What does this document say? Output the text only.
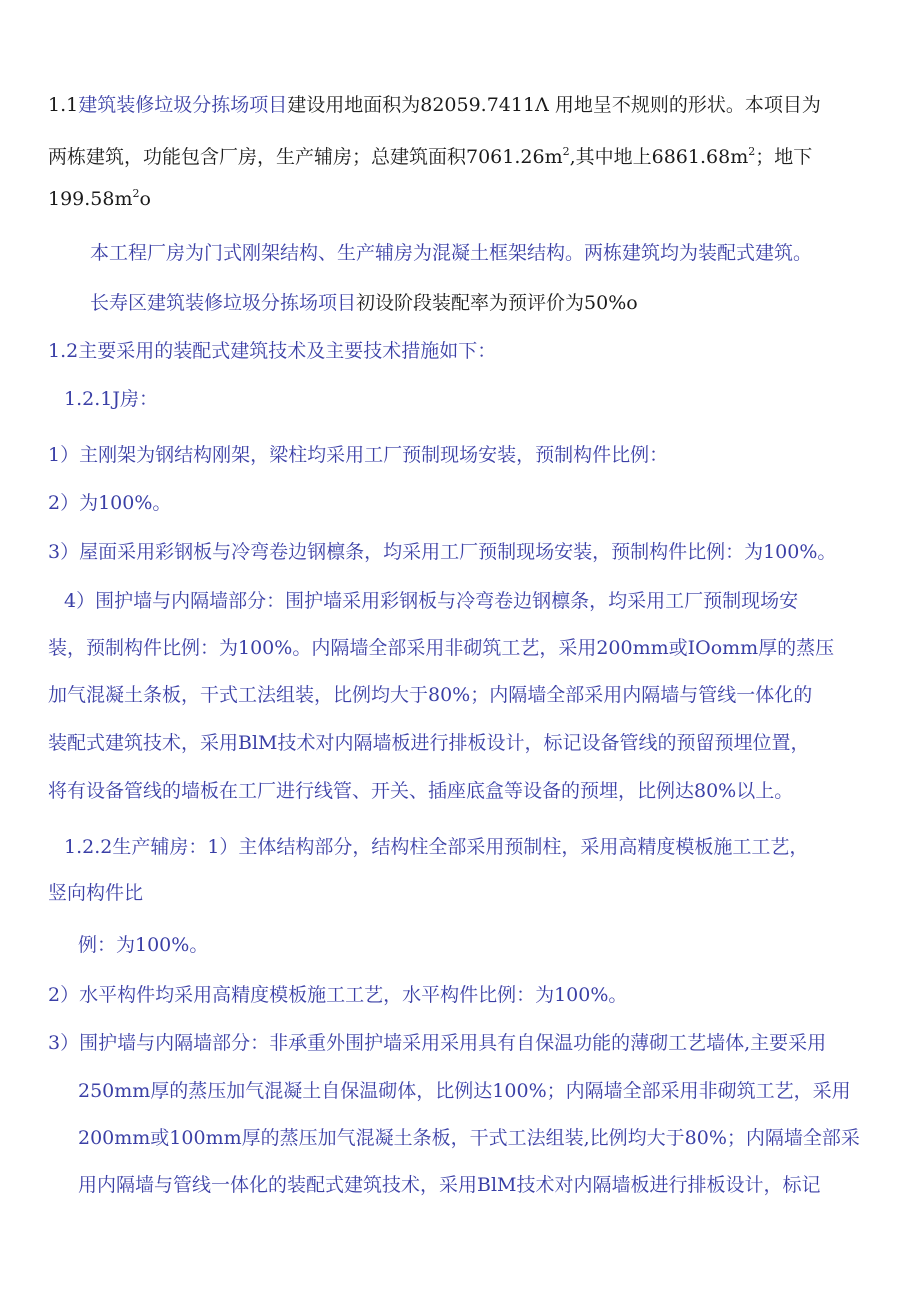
1.1建筑装修垃圾分拣场项目建设用地面积为82059.7411Λ 用地呈不规则的形状。本项目为
两栋建筑，功能包含厂房，生产辅房；总建筑面积$7061.26m^2$,其中地上$6861.68m^2$；地下
$199.58m^2o$
本工程厂房为门式刚架结构、生产辅房为混凝土框架结构。两栋建筑均为装配式建筑。
长寿区建筑装修垃圾分拣场项目初设阶段装配率为预评价为50%o
1.2主要采用的装配式建筑技术及主要技术措施如下：
1.2.1J房：
1）主刚架为钢结构刚架，梁柱均采用工厂预制现场安装，预制构件比例：
2）为100%。
3）屋面采用彩钢板与冷弯卷边钢檩条，均采用工厂预制现场安装，预制构件比例：为100%。
4）围护墙与内隔墙部分：围护墙采用彩钢板与冷弯卷边钢檩条，均采用工厂预制现场安
装，预制构件比例：为100%。内隔墙全部采用非砌筑工艺，采用200mm或IOomm厚的蒸压
加气混凝土条板，干式工法组装，比例均大于80%；内隔墙全部采用内隔墙与管线一体化的
装配式建筑技术，采用BlM技术对内隔墙板进行排板设计，标记设备管线的预留预埋位置，
将有设备管线的墙板在工厂进行线管、开关、插座底盒等设备的预埋，比例达80%以上。
1.2.2生产辅房：1）主体结构部分，结构柱全部采用预制柱，采用高精度模板施工工艺，
竖向构件比
例：为100%。
2）水平构件均采用高精度模板施工工艺，水平构件比例：为100%。
3）围护墙与内隔墙部分：非承重外围护墙采用采用具有自保温功能的薄砌工艺墙体,主要采用
250mm厚的蒸压加气混凝土自保温砌体，比例达100%；内隔墙全部采用非砌筑工艺，采用
200mm或100mm厚的蒸压加气混凝土条板，干式工法组装,比例均大于80%；内隔墙全部采
用内隔墙与管线一体化的装配式建筑技术，采用BlM技术对内隔墙板进行排板设计，标记
